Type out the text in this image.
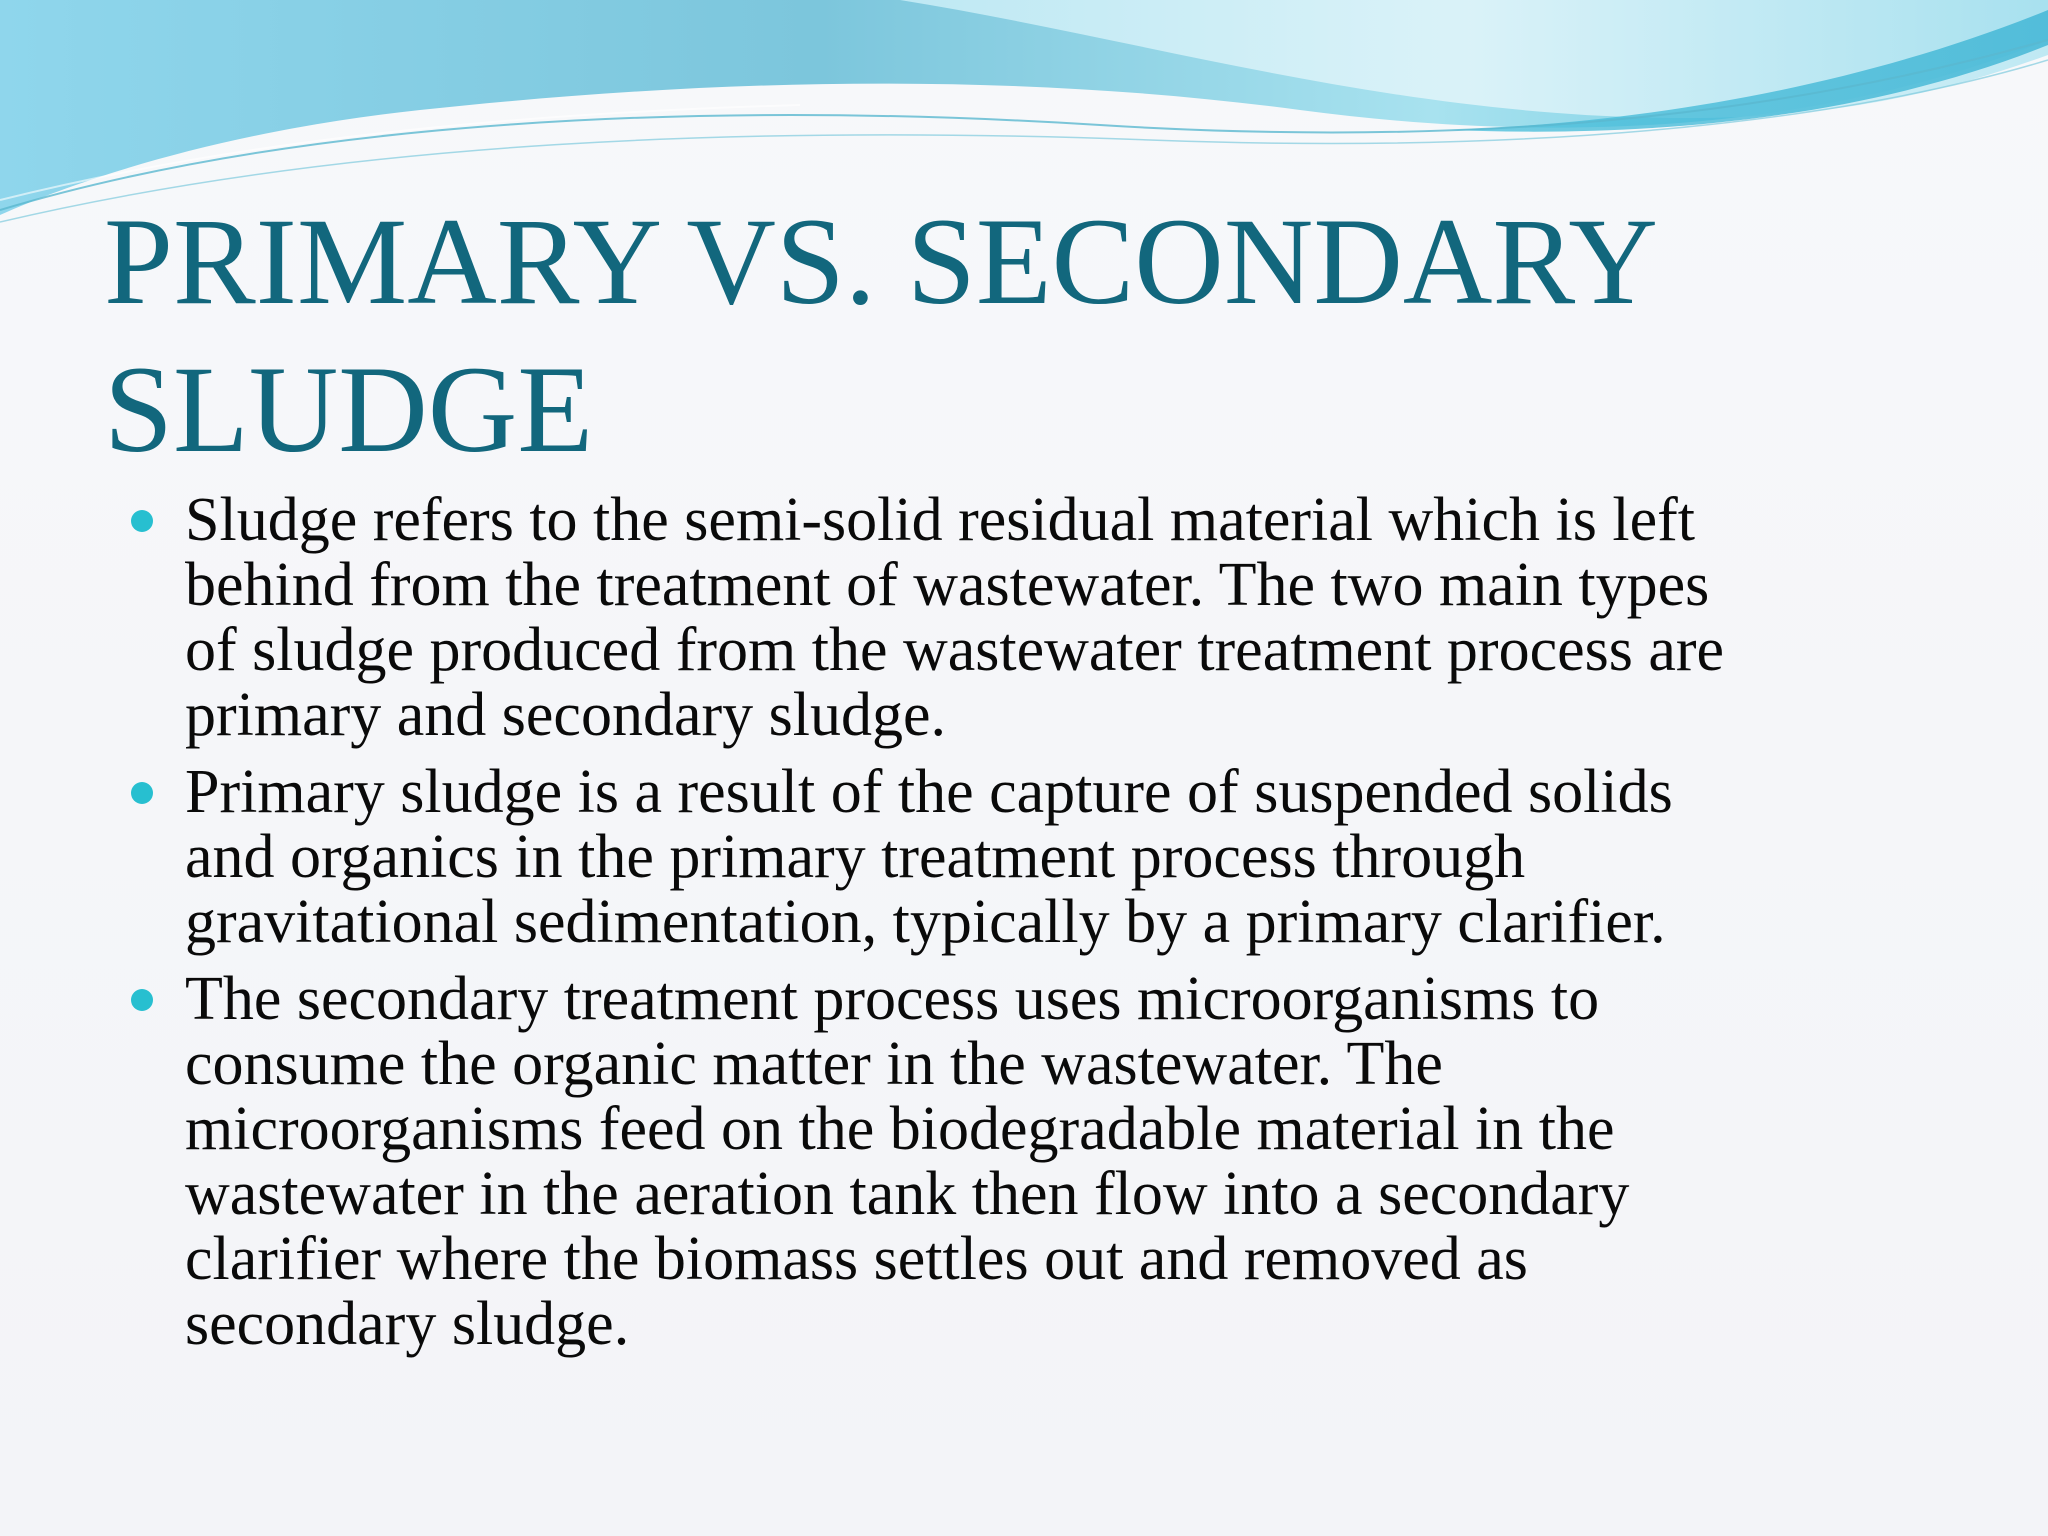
PRIMARY VS. SECONDARY
SLUDGE
Sludge refers to the semi-solid residual material which is left
behind from the treatment of wastewater. The two main types
of sludge produced from the wastewater treatment process are
primary and secondary sludge.
Primary sludge is a result of the capture of suspended solids
and organics in the primary treatment process through
gravitational sedimentation, typically by a primary clarifier.
The secondary treatment process uses microorganisms to
consume the organic matter in the wastewater. The
microorganisms feed on the biodegradable material in the
wastewater in the aeration tank then flow into a secondary
clarifier where the biomass settles out and removed as
secondary sludge.
